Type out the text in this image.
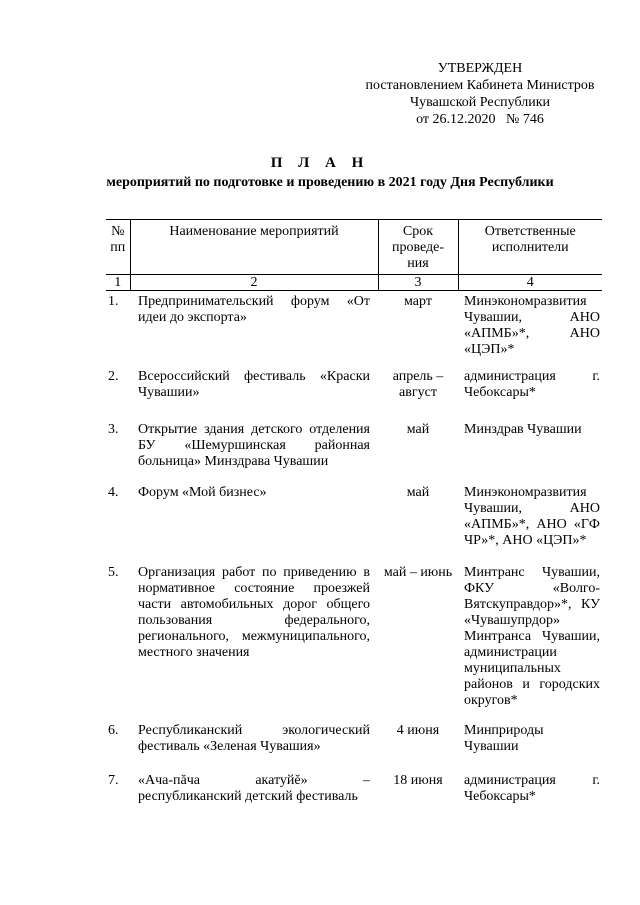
УТВЕРЖДЕН
постановлением Кабинета Министров
Чувашской Республики
от 26.12.2020   № 746
П Л А Н
мероприятий по подготовке и проведению в 2021 году Дня Республики
№ пп	Наименование мероприятий	Срок проведе-ния	Ответственные исполнители
1	2	3	4
1.	Предпринимательский форум «От идеи до экспорта»	март	Минэкономразвития Чувашии, АНО «АПМБ»*, АНО «ЦЭП»*
2.	Всероссийский фестиваль «Краски Чувашии»	апрель – август	администрация г. Чебоксары*
3.	Открытие здания детского отделения БУ «Шемуршинская районная больница» Минздрава Чувашии	май	Минздрав Чувашии
4.	Форум «Мой бизнес»	май	Минэкономразвития Чувашии, АНО «АПМБ»*, АНО «ГФ ЧР»*, АНО «ЦЭП»*
5.	Организация работ по приведению в нормативное состояние проезжей части автомобильных дорог общего пользования федерального, регионального, межмуниципального, местного значения	май – июнь	Минтранс Чувашии, ФКУ «Волго-Вятскуправдор»*, КУ «Чувашупрдор» Минтранса Чувашии, администрации муниципальных районов и городских округов*
6.	Республиканский экологический фестиваль «Зеленая Чувашия»	4 июня	Минприроды Чувашии
7.	«Ача-пăча акатуйĕ» – республиканский детский фестиваль	18 июня	администрация г. Чебоксары*
